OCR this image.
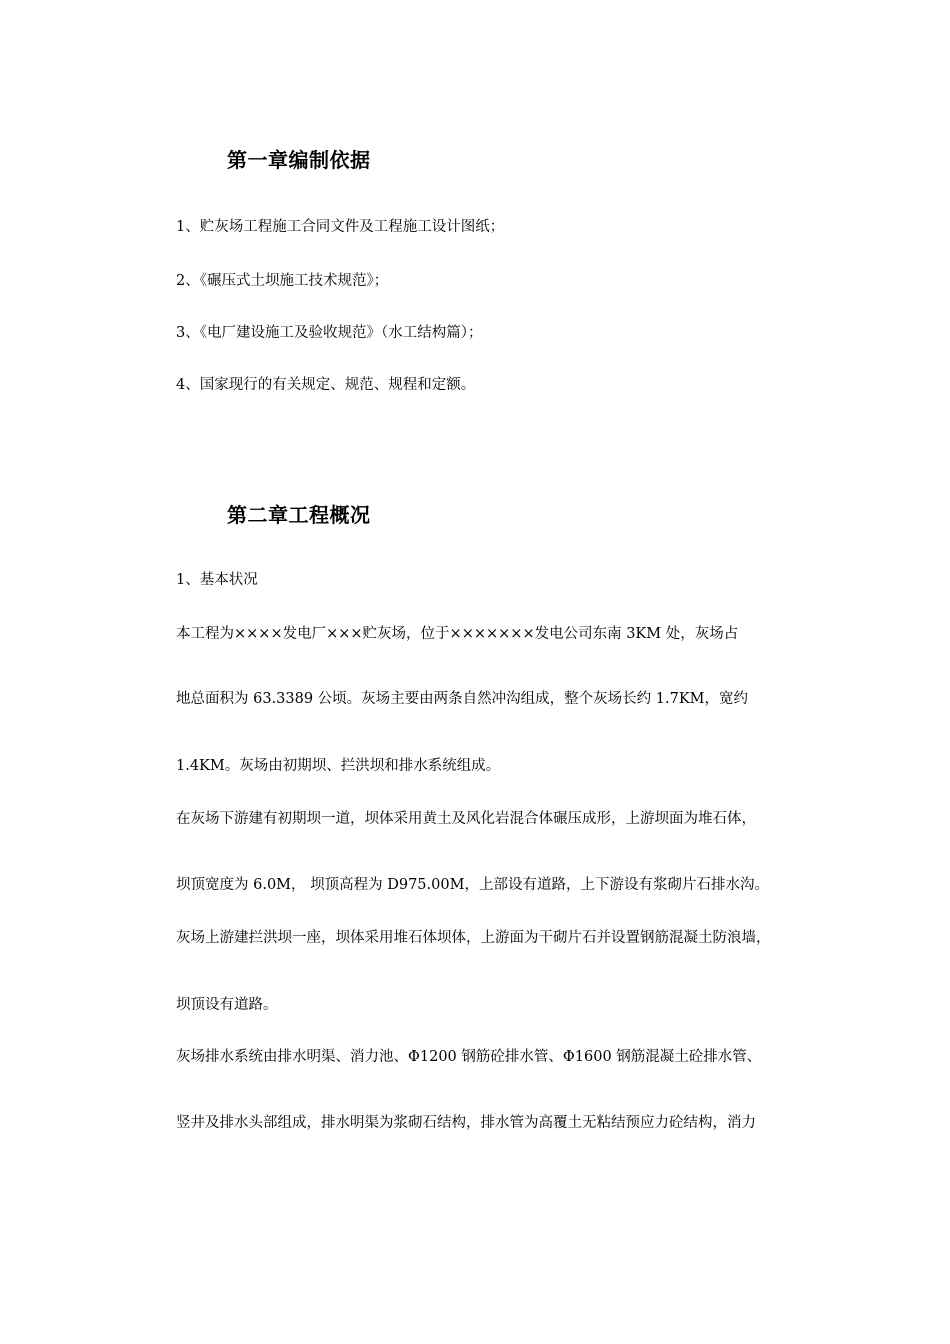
第一章编制依据

1、贮灰场工程施工合同文件及工程施工设计图纸；

2、《碾压式土坝施工技术规范》；

3、《电厂建设施工及验收规范》（水工结构篇）；

4、国家现行的有关规定、规范、规程和定额。

第二章工程概况

1、基本状况

本工程为××××发电厂×××贮灰场，位于×××××××发电公司东南 3KM 处，灰场占

地总面积为 63.3389 公顷。灰场主要由两条自然冲沟组成，整个灰场长约 1.7KM，宽约

1.4KM。灰场由初期坝、拦洪坝和排水系统组成。

在灰场下游建有初期坝一道，坝体采用黄土及风化岩混合体碾压成形，上游坝面为堆石体，

坝顶宽度为 6.0M， 坝顶高程为 D975.00M，上部设有道路，上下游设有浆砌片石排水沟。

灰场上游建拦洪坝一座，坝体采用堆石体坝体，上游面为干砌片石并设置钢筋混凝土防浪墙，

坝顶设有道路。

灰场排水系统由排水明渠、消力池、Φ1200 钢筋砼排水管、Φ1600 钢筋混凝土砼排水管、

竖井及排水头部组成，排水明渠为浆砌石结构，排水管为高覆土无粘结预应力砼结构，消力
